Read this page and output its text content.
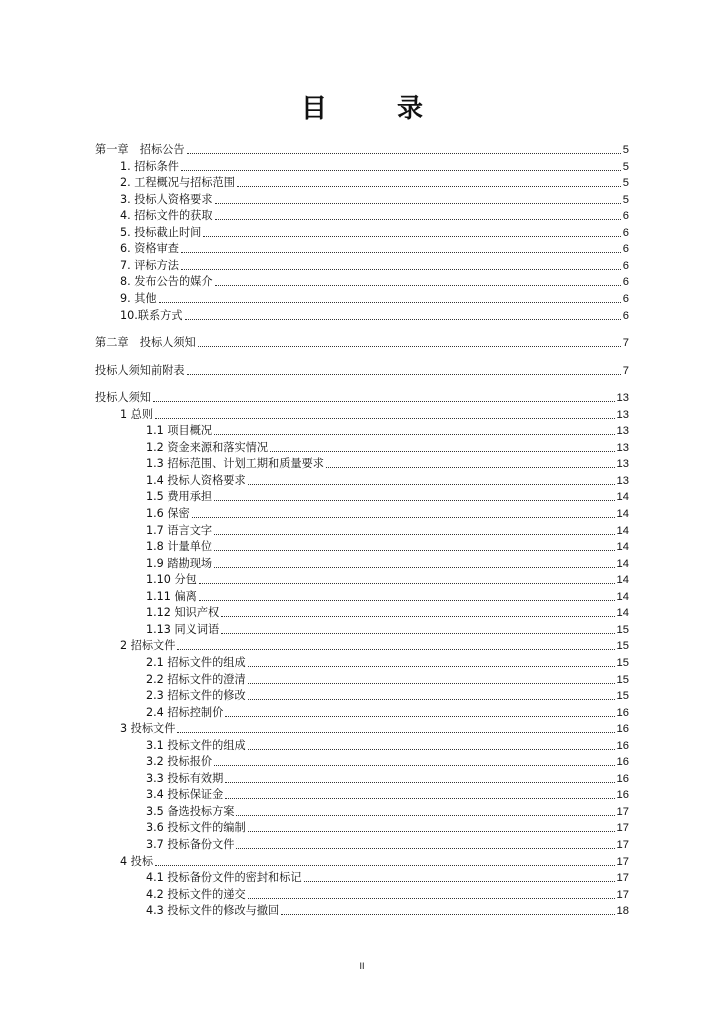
目　录
第一章　招标公告	5
1. 招标条件	5
2. 工程概况与招标范围	5
3. 投标人资格要求	5
4. 招标文件的获取	6
5. 投标截止时间	6
6. 资格审查	6
7. 评标方法	6
8. 发布公告的媒介	6
9. 其他	6
10.联系方式	6
第二章　投标人须知	7
投标人须知前附表	7
投标人须知	13
1 总则	13
1.1 项目概况	13
1.2 资金来源和落实情况	13
1.3 招标范围、计划工期和质量要求	13
1.4 投标人资格要求	13
1.5 费用承担	14
1.6 保密	14
1.7 语言文字	14
1.8 计量单位	14
1.9 踏勘现场	14
1.10 分包	14
1.11 偏离	14
1.12 知识产权	14
1.13 同义词语	15
2 招标文件	15
2.1 招标文件的组成	15
2.2 招标文件的澄清	15
2.3 招标文件的修改	15
2.4 招标控制价	16
3 投标文件	16
3.1 投标文件的组成	16
3.2 投标报价	16
3.3 投标有效期	16
3.4 投标保证金	16
3.5 备选投标方案	17
3.6 投标文件的编制	17
3.7 投标备份文件	17
4 投标	17
4.1 投标备份文件的密封和标记	17
4.2 投标文件的递交	17
4.3 投标文件的修改与撤回	18
II
